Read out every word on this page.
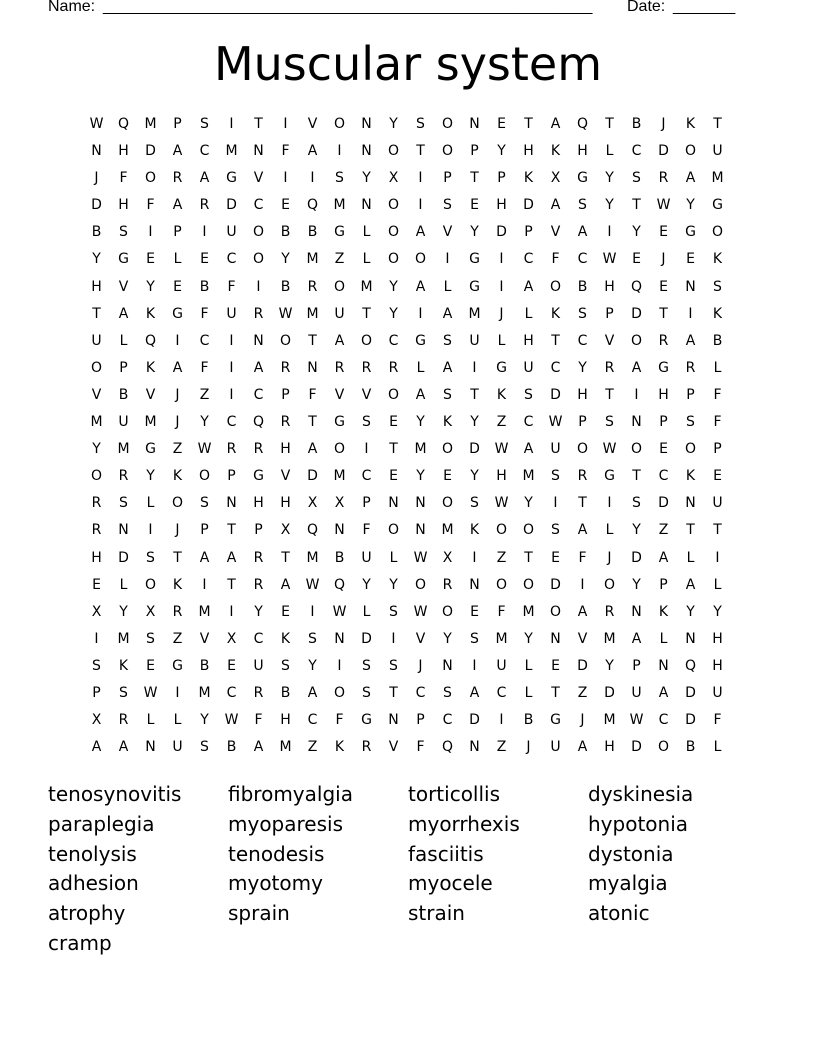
Name: _______________________________________________________ Date: _______
Muscular system
W	Q	M	P	S	I	T	I	V	O	N	Y	S	O	N	E	T	A	Q	T	B	J	K	T
N	H	D	A	C	M	N	F	A	I	N	O	T	O	P	Y	H	K	H	L	C	D	O	U
J	F	O	R	A	G	V	I	I	S	Y	X	I	P	T	P	K	X	G	Y	S	R	A	M
D	H	F	A	R	D	C	E	Q	M	N	O	I	S	E	H	D	A	S	Y	T	W	Y	G
B	S	I	P	I	U	O	B	B	G	L	O	A	V	Y	D	P	V	A	I	Y	E	G	O
Y	G	E	L	E	C	O	Y	M	Z	L	O	O	I	G	I	C	F	C	W	E	J	E	K
H	V	Y	E	B	F	I	B	R	O	M	Y	A	L	G	I	A	O	B	H	Q	E	N	S
T	A	K	G	F	U	R	W	M	U	T	Y	I	A	M	J	L	K	S	P	D	T	I	K
U	L	Q	I	C	I	N	O	T	A	O	C	G	S	U	L	H	T	C	V	O	R	A	B
O	P	K	A	F	I	A	R	N	R	R	R	L	A	I	G	U	C	Y	R	A	G	R	L
V	B	V	J	Z	I	C	P	F	V	V	O	A	S	T	K	S	D	H	T	I	H	P	F
M	U	M	J	Y	C	Q	R	T	G	S	E	Y	K	Y	Z	C	W	P	S	N	P	S	F
Y	M	G	Z	W	R	R	H	A	O	I	T	M	O	D	W	A	U	O	W	O	E	O	P
O	R	Y	K	O	P	G	V	D	M	C	E	Y	E	Y	H	M	S	R	G	T	C	K	E
R	S	L	O	S	N	H	H	X	X	P	N	N	O	S	W	Y	I	T	I	S	D	N	U
R	N	I	J	P	T	P	X	Q	N	F	O	N	M	K	O	O	S	A	L	Y	Z	T	T
H	D	S	T	A	A	R	T	M	B	U	L	W	X	I	Z	T	E	F	J	D	A	L	I
E	L	O	K	I	T	R	A	W	Q	Y	Y	O	R	N	O	O	D	I	O	Y	P	A	L
X	Y	X	R	M	I	Y	E	I	W	L	S	W	O	E	F	M	O	A	R	N	K	Y	Y
I	M	S	Z	V	X	C	K	S	N	D	I	V	Y	S	M	Y	N	V	M	A	L	N	H
S	K	E	G	B	E	U	S	Y	I	S	S	J	N	I	U	L	E	D	Y	P	N	Q	H
P	S	W	I	M	C	R	B	A	O	S	T	C	S	A	C	L	T	Z	D	U	A	D	U
X	R	L	L	Y	W	F	H	C	F	G	N	P	C	D	I	B	G	J	M	W	C	D	F
A	A	N	U	S	B	A	M	Z	K	R	V	F	Q	N	Z	J	U	A	H	D	O	B	L
tenosynovitis	fibromyalgia	torticollis	dyskinesia
paraplegia	myoparesis	myorrhexis	hypotonia
tenolysis	tenodesis	fasciitis	dystonia
adhesion	myotomy	myocele	myalgia
atrophy	sprain	strain	atonic
cramp
